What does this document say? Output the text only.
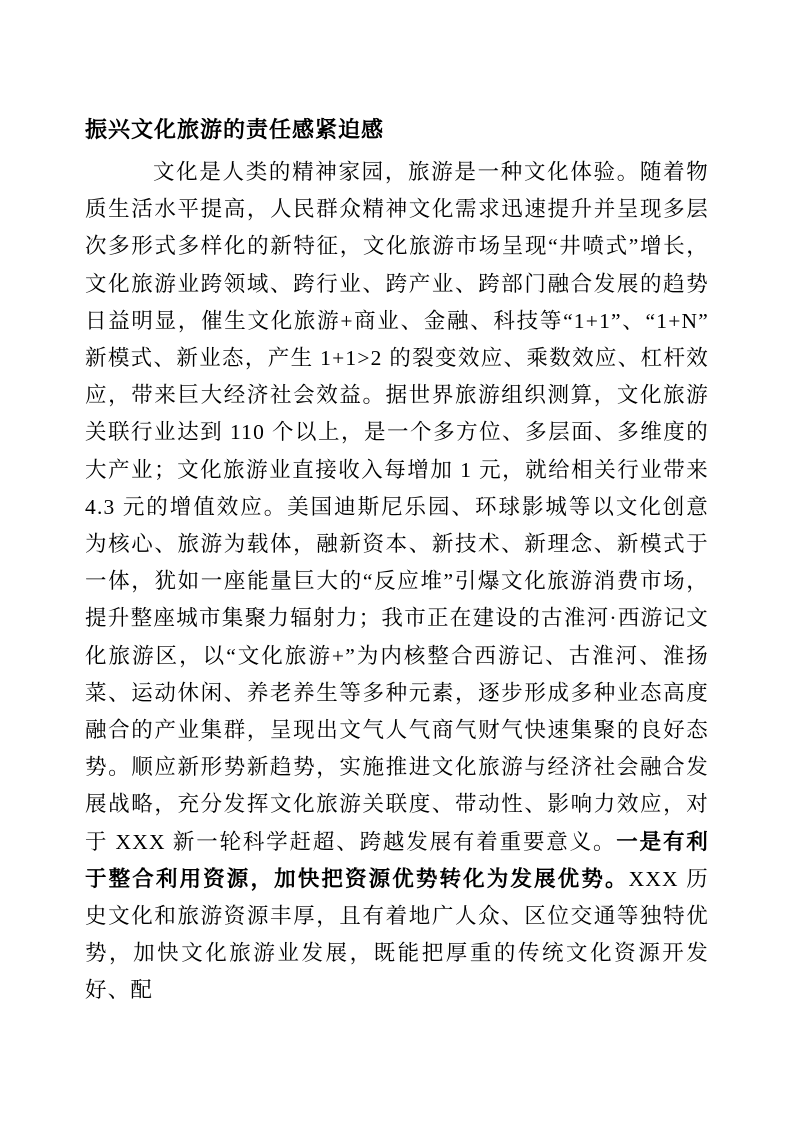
振兴文化旅游的责任感紧迫感

文化是人类的精神家园，旅游是一种文化体验。随着物质生活水平提高，人民群众精神文化需求迅速提升并呈现多层次多形式多样化的新特征，文化旅游市场呈现“井喷式”增长，文化旅游业跨领域、跨行业、跨产业、跨部门融合发展的趋势日益明显，催生文化旅游+商业、金融、科技等“1+1”、“1+N”新模式、新业态，产生 1+1>2 的裂变效应、乘数效应、杠杆效应，带来巨大经济社会效益。据世界旅游组织测算，文化旅游关联行业达到 110 个以上，是一个多方位、多层面、多维度的大产业；文化旅游业直接收入每增加 1 元，就给相关行业带来 4.3 元的增值效应。美国迪斯尼乐园、环球影城等以文化创意为核心、旅游为载体，融新资本、新技术、新理念、新模式于一体，犹如一座能量巨大的“反应堆”引爆文化旅游消费市场，提升整座城市集聚力辐射力；我市正在建设的古淮河·西游记文化旅游区，以“文化旅游+”为内核整合西游记、古淮河、淮扬菜、运动休闲、养老养生等多种元素，逐步形成多种业态高度融合的产业集群，呈现出文气人气商气财气快速集聚的良好态势。顺应新形势新趋势，实施推进文化旅游与经济社会融合发展战略，充分发挥文化旅游关联度、带动性、影响力效应，对于 XXX 新一轮科学赶超、跨越发展有着重要意义。一是有利于整合利用资源，加快把资源优势转化为发展优势。XXX 历史文化和旅游资源丰厚，且有着地广人众、区位交通等独特优势，加快文化旅游业发展，既能把厚重的传统文化资源开发好、配
